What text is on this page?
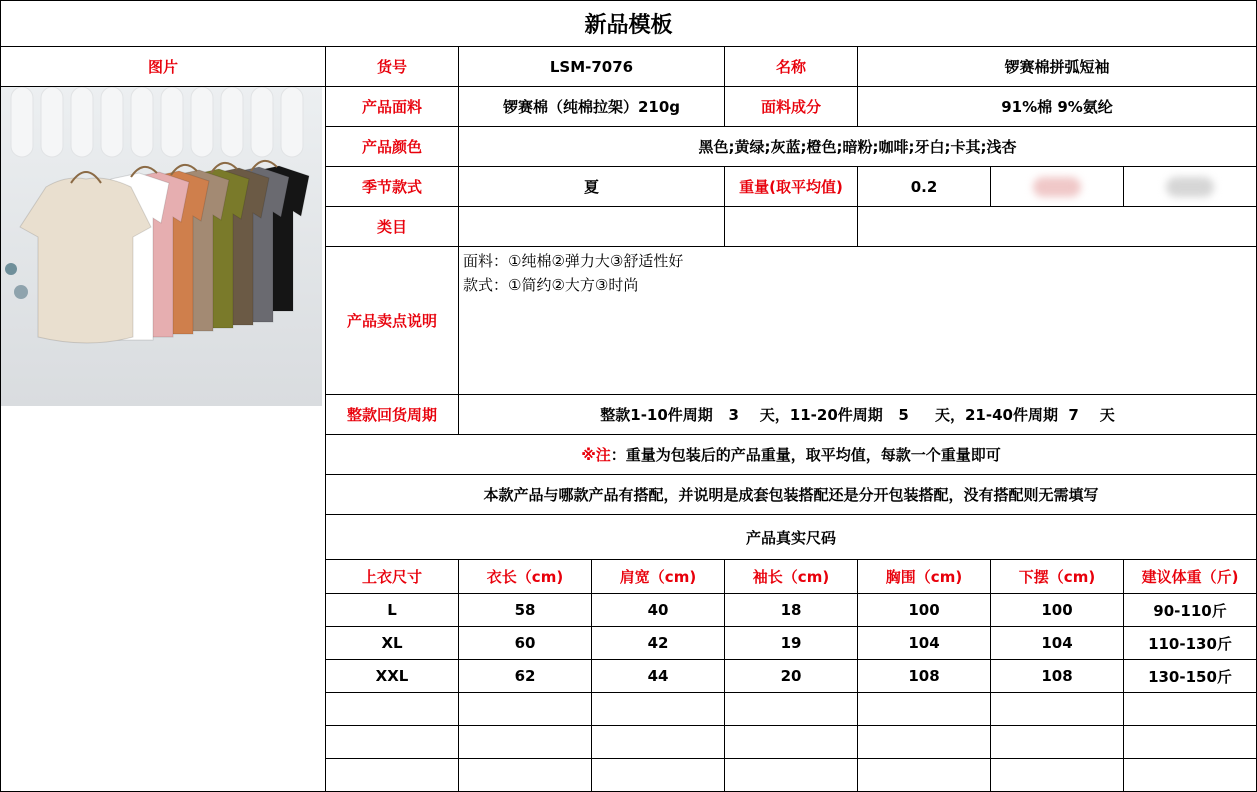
新品模板
图片	货号	LSM-7076	名称	锣赛棉拼弧短袖
产品面料	锣赛棉（纯棉拉架）210g	面料成分	91%棉 9%氨纶
产品颜色	黑色;黄绿;灰蓝;橙色;暗粉;咖啡;牙白;卡其;浅杏
季节款式	夏	重量(取平均值)	0.2
类目
产品卖点说明
面料：①纯棉②弹力大③舒适性好
款式：①简约②大方③时尚
整款回货周期	整款1-10件周期   3    天，11-20件周期   5     天，21-40件周期  7    天
※注 ：重量为包装后的产品重量，取平均值，每款一个重量即可
本款产品与哪款产品有搭配，并说明是成套包装搭配还是分开包装搭配，没有搭配则无需填写
产品真实尺码
上衣尺寸	衣长（cm)	肩宽（cm)	袖长（cm)	胸围（cm)	下摆（cm)	建议体重（斤)
L	58	40	18	100	100	90-110斤
XL	60	42	19	104	104	110-130斤
XXL	62	44	20	108	108	130-150斤
